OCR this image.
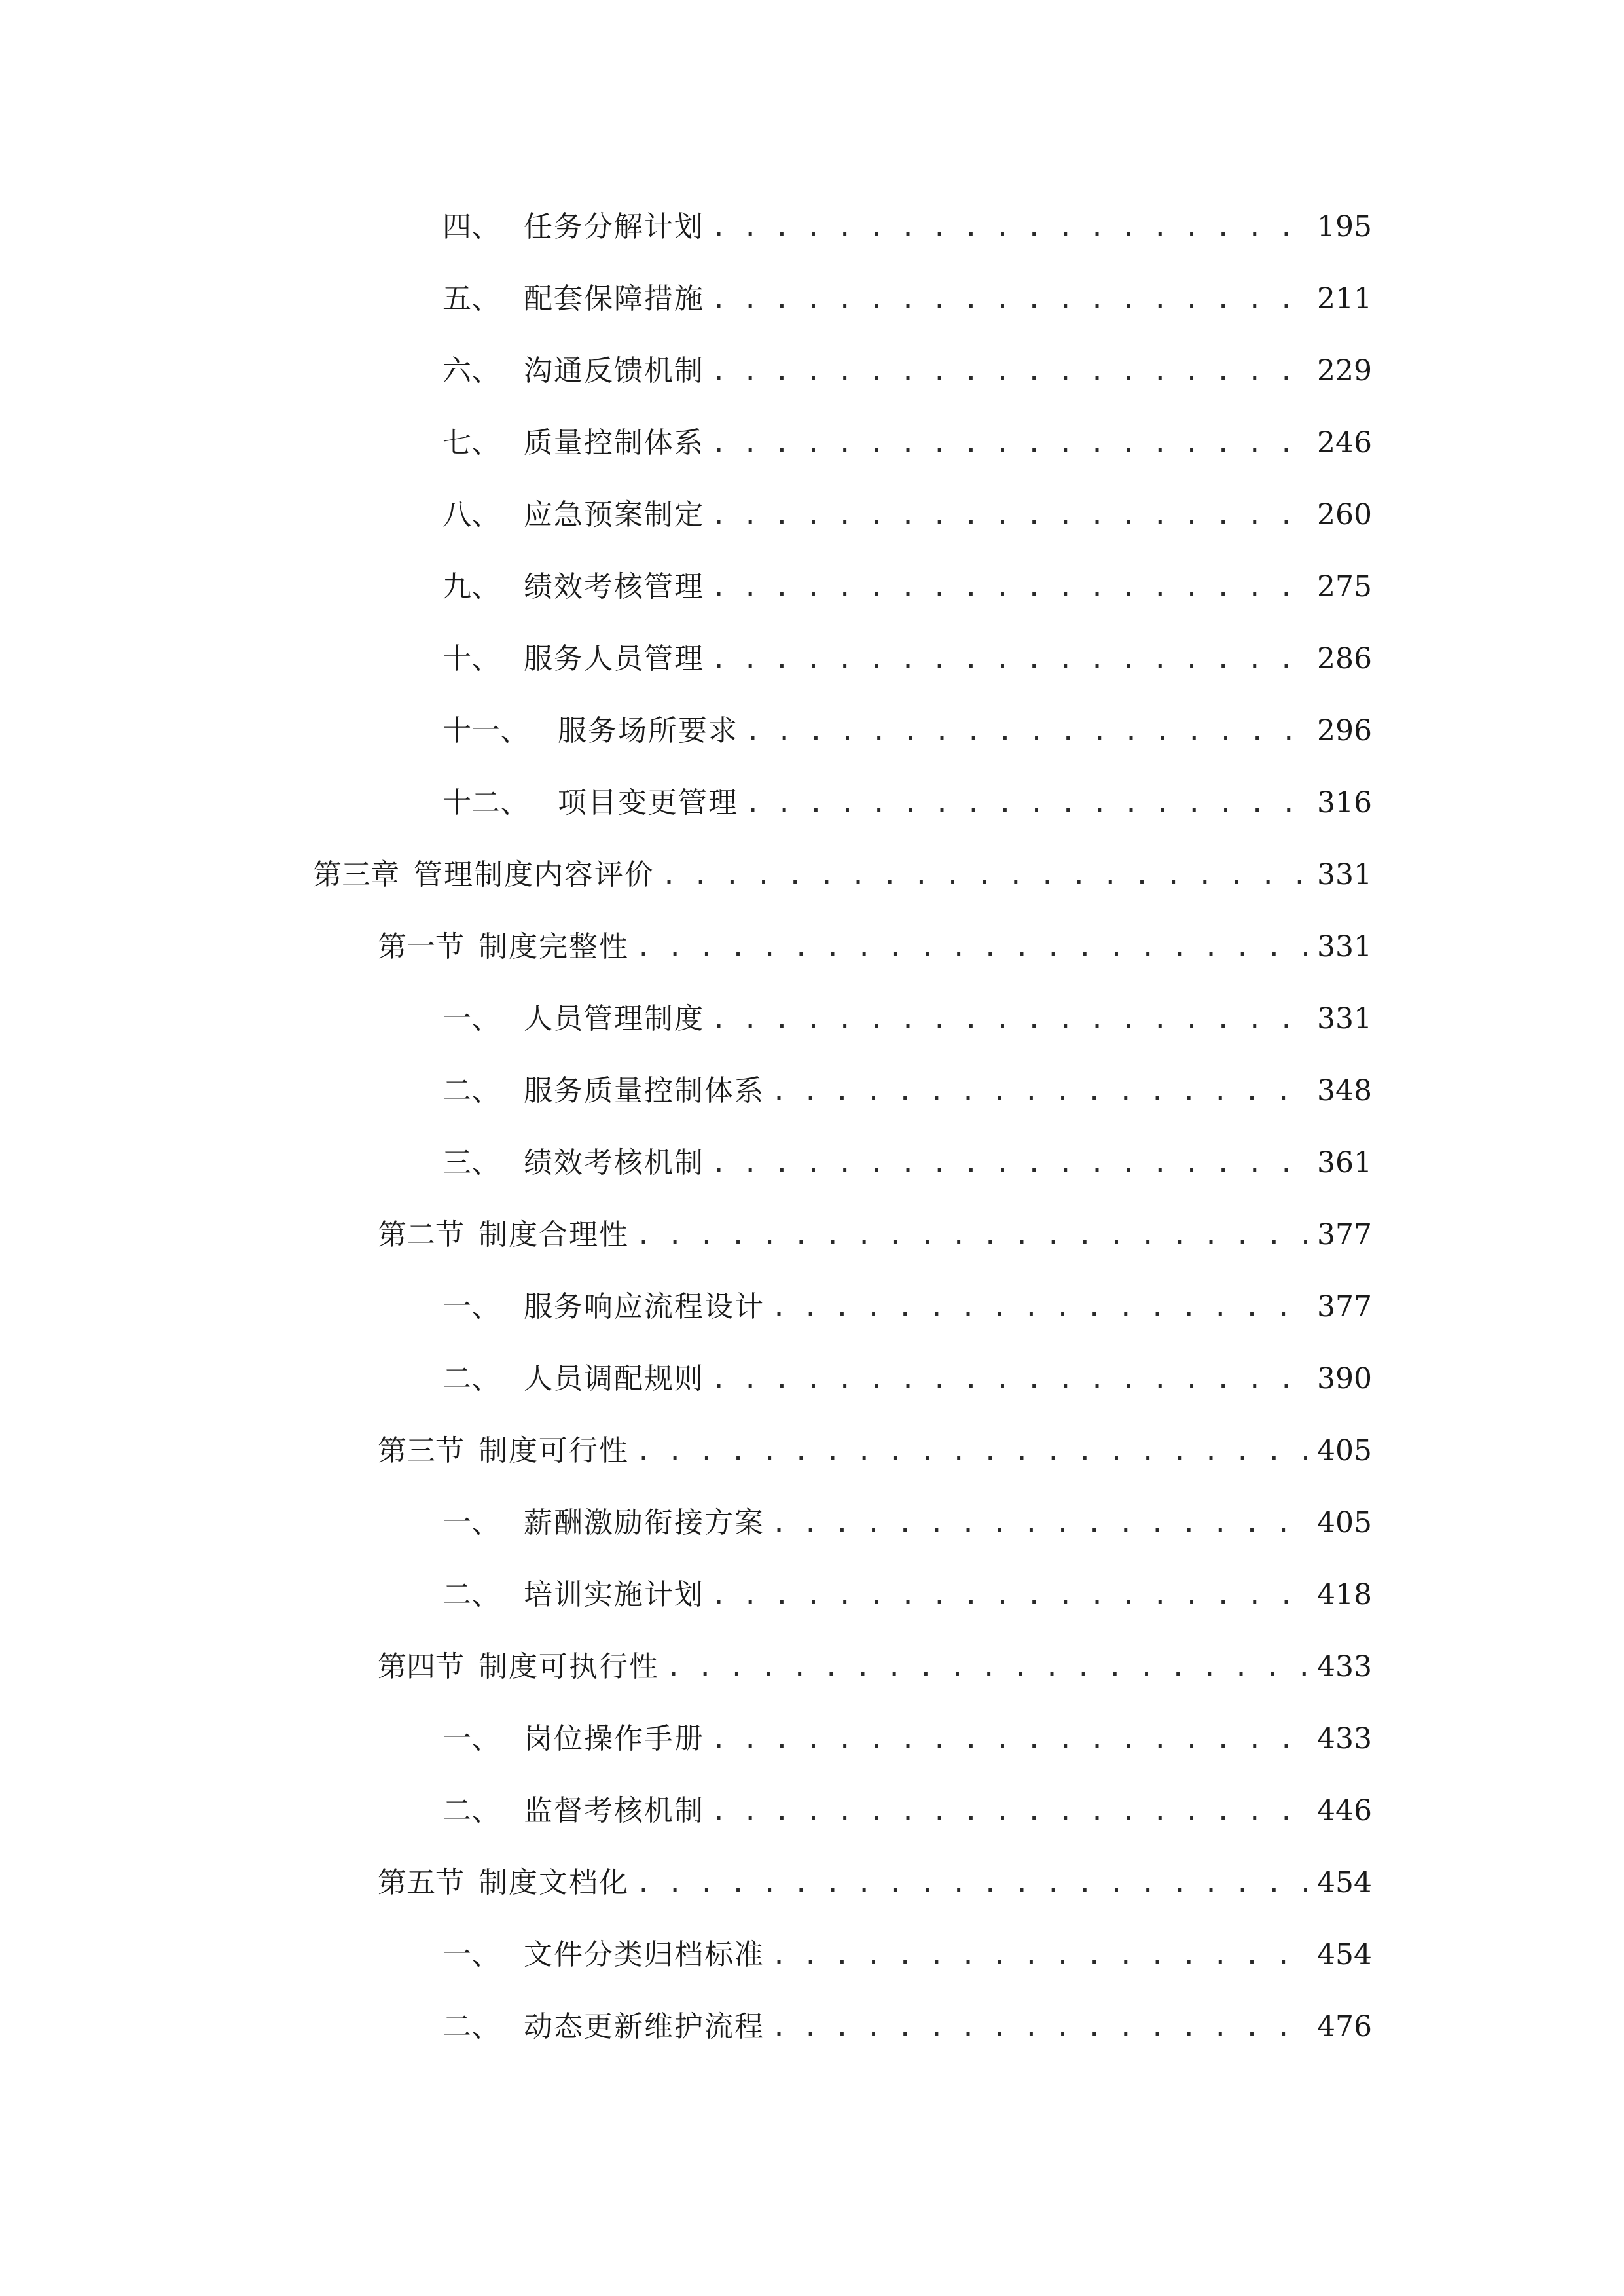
四、 任务分解计划 . . .	195
五、 配套保障措施 . . .	211
六、 沟通反馈机制 . . .	229
七、 质量控制体系 . . .	246
八、 应急预案制定 . . .	260
九、 绩效考核管理 . . .	275
十、 服务人员管理 . . .	286
十一、	服务场所要求 . . .	296
十二、	项目变更管理 . . .	316
第三章 管理制度内容评价 . . .	331
第一节 制度完整性 . . .	331
一、 人员管理制度 . . .	331
二、 服务质量控制体系 . . .	348
三、 绩效考核机制 . . .	361
第二节 制度合理性 . . .	377
一、 服务响应流程设计 . . .	377
二、 人员调配规则 . . .	390
第三节 制度可行性 . . .	405
一、 薪酬激励衔接方案 . . .	405
二、 培训实施计划 . . .	418
第四节 制度可执行性 . . .	433
一、 岗位操作手册 . . .	433
二、 监督考核机制 . . .	446
第五节 制度文档化 . . .	454
一、 文件分类归档标准 . . .	454
二、 动态更新维护流程 . . .	476
